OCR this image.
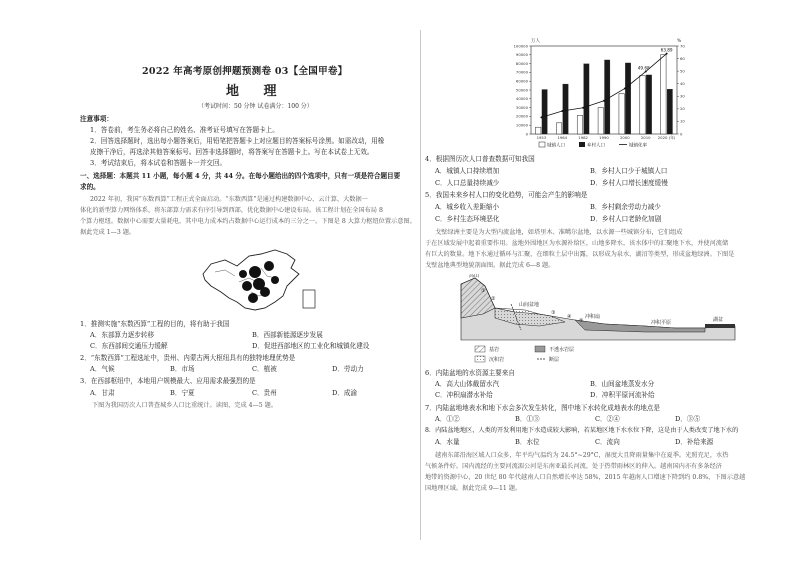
2022 年高考原创押题预测卷 03【全国甲卷】
地 理
（考试时间：50 分钟 试卷满分：100 分）
注意事项：
1．答卷前，考生务必将自己的姓名、准考证号填写在答题卡上。
2．回答选择题时，选出每小题答案后，用铅笔把答题卡上对应题目的答案标号涂黑。如需改动，用橡
皮擦干净后，再选涂其他答案标号。回答非选择题时，将答案写在答题卡上。写在本试卷上无效。
3．考试结束后，将本试卷和答题卡一并交回。
一、选择题：本题共 11 小题，每小题 4 分，共 44 分。在每小题给出的四个选项中，只有一项是符合题目要
求的。
2022 年初，我国“东数西算”工程正式全面启动。“东数西算”是通过构建数据中心、云计算、大数据一
体化的新型算力网络体系，将东部算力需求有序引导到西部，优化数据中心建设布局。该工程计划在全国布局 8
个算力枢纽。数据中心需要大量耗电，其中电力成本约占数据中心运行成本的三分之一。下图是 8 大算力枢纽位置示意图。
据此完成 1—3 题。
1．推测实施“东数西算”工程的目的，将有助于我国
A．东部算力逐步转移	B．西部新能源逐步发展
C．东西部间交通压力缓解	D．促进西部地区的工业化和城镇化建设
2．“东数西算”工程选址中，贵州、内蒙古两大枢纽具有的独特地理优势是
A．气候	B．市场	C．植被	D．劳动力
3．在西部枢纽中，本地用户规模最大、应用需求最强烈的是
A．甘肃	B．宁夏	C．贵州	D．成渝
下图为我国历次人口普查城乡人口比重统计。读图，完成 4—5 题。
万人	%
100000
90000
80000
70000
60000
50000
40000
30000
20000
10000
0
70
60
50
40
30
20
10
0
1953	1964	1982	1990	2000	2010 2020 (年)
49.68
63.89
城镇人口	乡村人口	城镇化率
4．根据图历次人口普查数据可知我国
A．城镇人口持续增加	B．乡村人口少于城镇人口
C．人口总量持续减少	D．乡村人口增长速度缓慢
5．我国未来乡村人口的变化趋势，可能会产生的影响是
A．城乡收入差距缩小	B．乡村剩余劳动力减少
C．乡村生态环境恶化	D．乡村人口老龄化加剧
戈壁绿洲主要是为大型内流盆地，如塔里木、准噶尔盆地，以水源一些城镇分布，它们组成
于在区域发展中起着重要作用。盆地外围地区为水源补给区，山地多降水，该水体中的汇聚地下水，并使河流储
有巨大的数量。地下水通过循环与汇聚，在细粒土层中出露，以形成为泉水、湖沼等类型，形成盆地绿洲。下图是
戈壁盆地典型地貌剖面图。据此完成 6—8 题。
高山
山间盆地
冲积扇
冲积平原	湖盆
①
②
③
④
⑤
基岩	不透水岩层
沉积岩	断层
6．内陆盆地的水资源主要来自
A．高大山体截留水汽	B．山间盆地蒸发水分
C．冲积扇潜水补给	D．冲积平原河流补给
7．内陆盆地地表水和地下水会多次发生转化，图中地下水转化成地表水的地点是
A．①②	B．①③	C．②④	D．③⑤
8．内陆盆地地区，人类的开发利用地下水造成较大影响，若某地区地下水水位下降，这是由于人类改变了地下水的
A．水量	B．水位	C．流向	D．补给来源
越南东部沿海区域人口众多，年平均气温约为 24.5°~29°C，湿度大且降雨量集中在夏季。光照充足，水热
气候条件好。国内流经的主要河流湄公河是东南亚最长河流，处于热带雨林区的伸入。越南国内亦有多条经济
地带的资源中心，20 世纪 80 年代越南人口自然增长率达 58%，2015 年越南人口增速下降到约 0.8%，下图示意越
国地理区域。据此完成 9—11 题。
